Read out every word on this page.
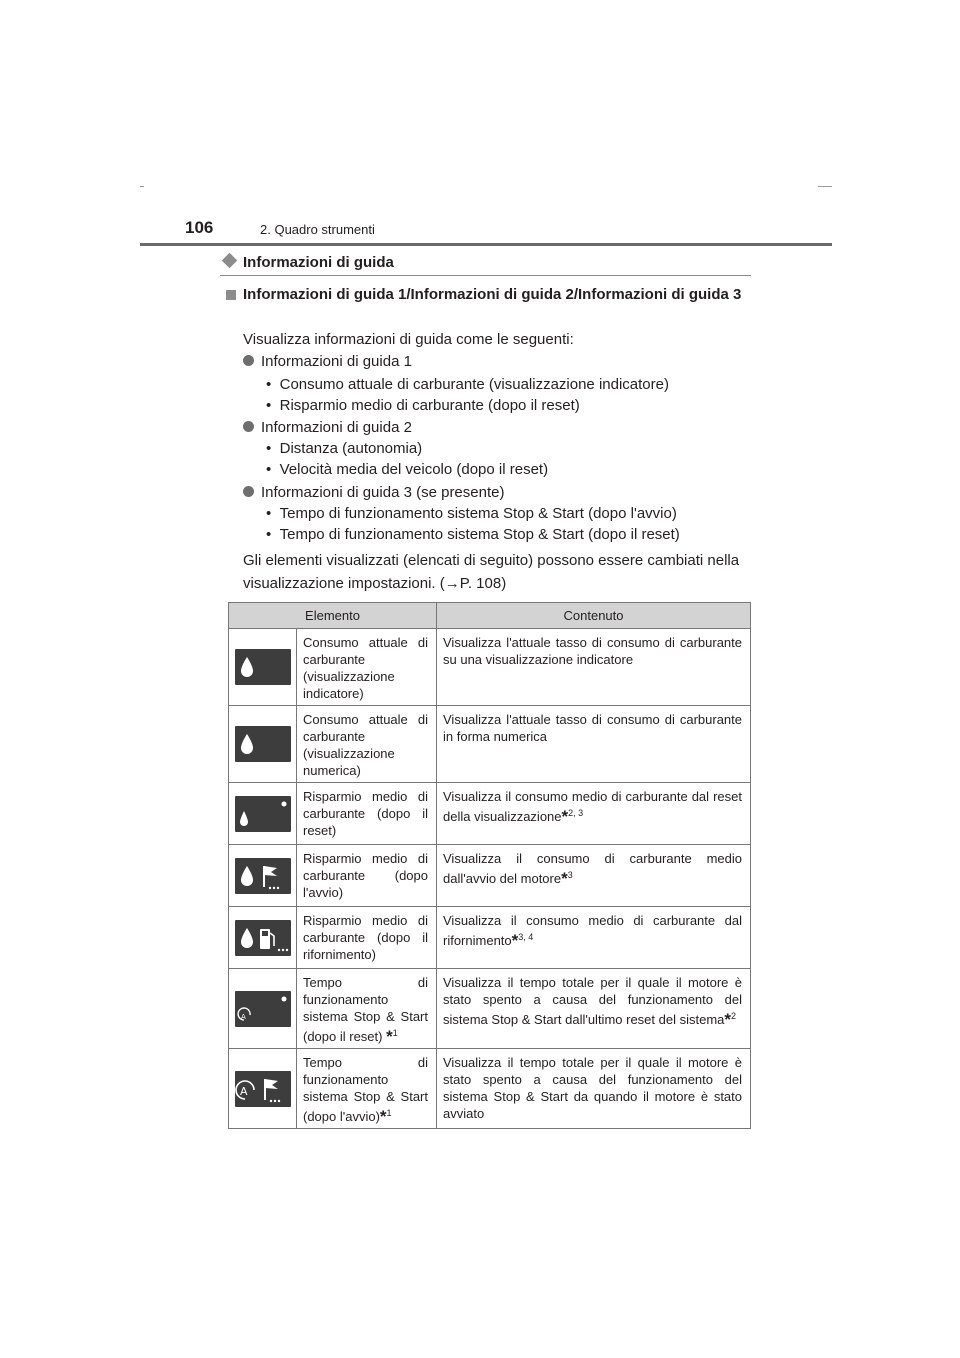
106	2. Quadro strumenti
Informazioni di guida
Informazioni di guida 1/Informazioni di guida 2/Informazioni di guida 3
Visualizza informazioni di guida come le seguenti:
Informazioni di guida 1
• Consumo attuale di carburante (visualizzazione indicatore)
• Risparmio medio di carburante (dopo il reset)
Informazioni di guida 2
• Distanza (autonomia)
• Velocità media del veicolo (dopo il reset)
Informazioni di guida 3 (se presente)
• Tempo di funzionamento sistema Stop & Start (dopo l'avvio)
• Tempo di funzionamento sistema Stop & Start (dopo il reset)
Gli elementi visualizzati (elencati di seguito) possono essere cambiati nella visualizzazione impostazioni. (→P. 108)
Elemento		Contenuto

	Consumo attuale di carburante (visualizzazione indicatore)	Visualizza l'attuale tasso di consumo di carburante su una visualizzazione indicatore

	Consumo attuale di carburante (visualizzazione numerica)	Visualizza l'attuale tasso di consumo di carburante in forma numerica

	Risparmio medio di carburante (dopo il reset)	Visualizza il consumo medio di carburante dal reset della visualizzazione*$^{2, 3}$

	Risparmio medio di carburante (dopo l'avvio)	Visualizza il consumo di carburante medio dall'avvio del motore*$^3$

	Risparmio medio di carburante (dopo il rifornimento)	Visualizza il consumo medio di carburante dal rifornimento*$^{3, 4}$

A	Tempo di funzionamento sistema Stop & Start (dopo il reset) *$^1$	Visualizza il tempo totale per il quale il motore è stato spento a causa del funzionamento del sistema Stop & Start dall'ultimo reset del sistema*$^2$

A	Tempo di funzionamento sistema Stop & Start (dopo l'avvio)*$^1$	Visualizza il tempo totale per il quale il motore è stato spento a causa del funzionamento del sistema Stop & Start da quando il motore è stato avviato
